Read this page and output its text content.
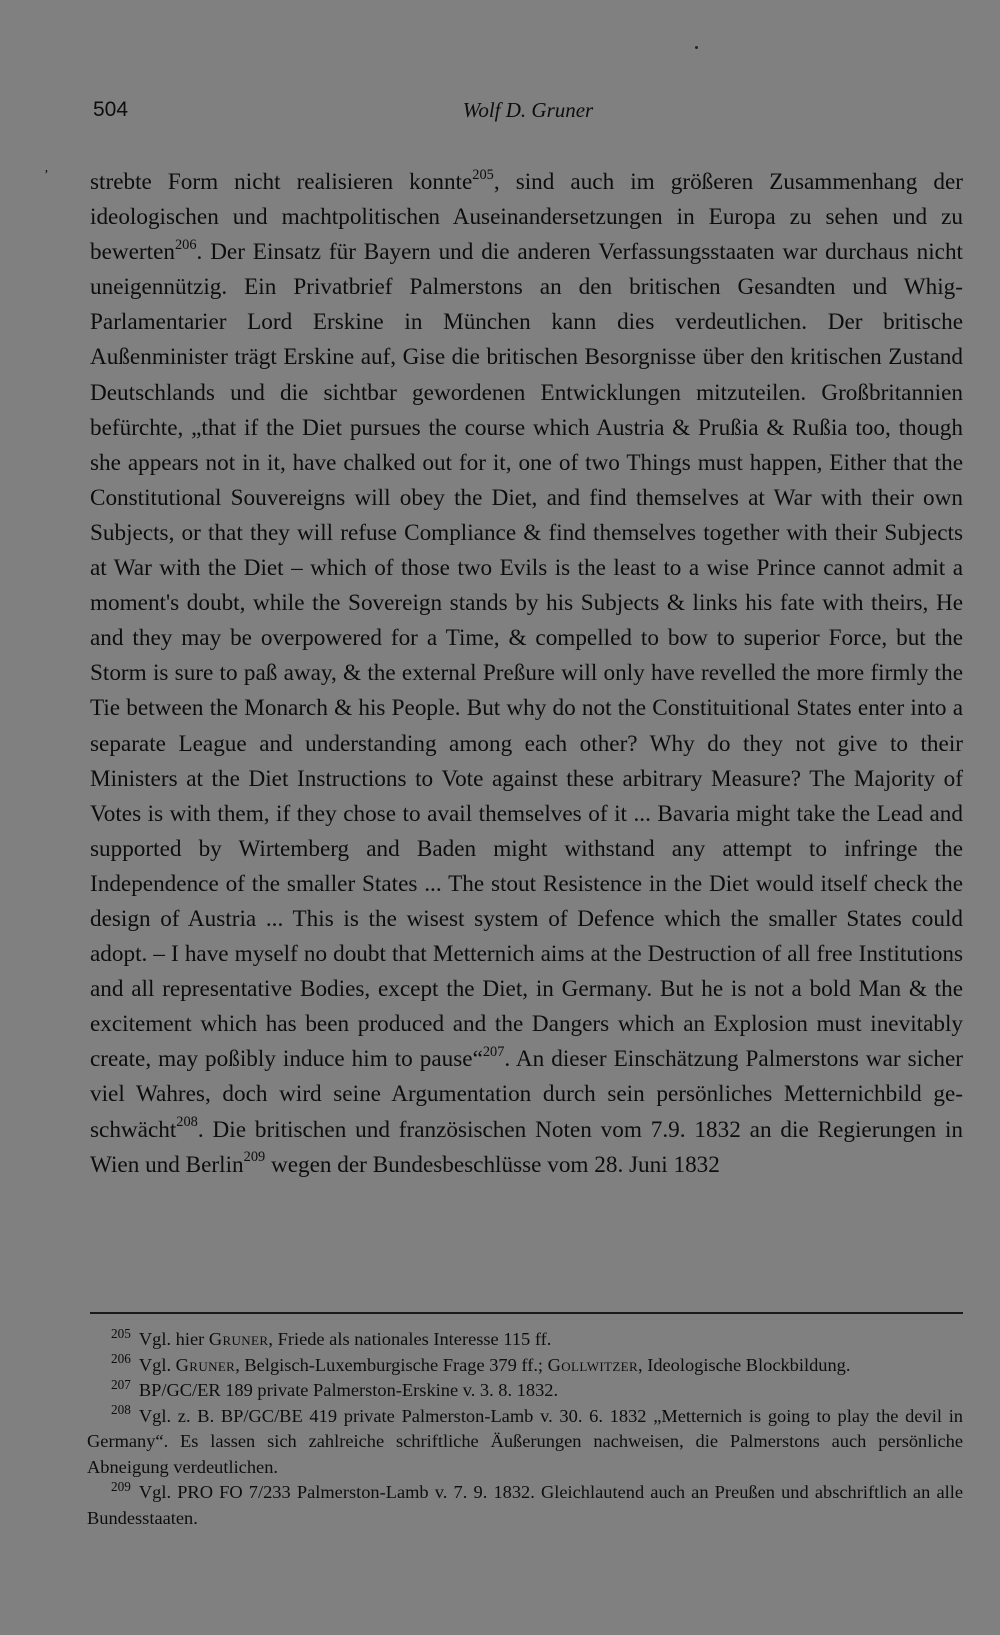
504	Wolf D. Gruner
ʼ strebte Form nicht realisieren konnte$^{205}$, sind auch im größeren Zusammenhang der ideologischen und machtpolitischen Auseinandersetzungen in Europa zu sehen und zu bewerten$^{206}$. Der Einsatz für Bayern und die anderen Verfassungsstaaten war durchaus nicht uneigennützig. Ein Privatbrief Palmerstons an den britischen Gesandten und Whig-Parlamentarier Lord Erskine in München kann dies verdeutlichen. Der britische Außenminister trägt Erskine auf, Gise die britischen Besorgnisse über den kritischen Zustand Deutschlands und die sichtbar gewordenen Entwicklungen mitzuteilen. Großbritannien befürchte, „that if the Diet pursues the course which Austria & Prußia & Rußia too, though she appears not in it, have chalked out for it, one of two Things must happen, Either that the Constitutional Souvereigns will obey the Diet, and find themselves at War with their own Subjects, or that they will refuse Compliance & find themselves together with their Subjects at War with the Diet – which of those two Evils is the least to a wise Prince cannot admit a moment's doubt, while the Sovereign stands by his Subjects & links his fate with theirs, He and they may be overpowered for a Time, & compelled to bow to superior Force, but the Storm is sure to paß away, & the external Preßure will only have revelled the more firmly the Tie between the Monarch & his People. But why do not the Constituitional States enter into a separate League and understanding among each other? Why do they not give to their Ministers at the Diet Instructions to Vote against these arbitrary Measure? The Majority of Votes is with them, if they chose to avail themselves of it ... Bavaria might take the Lead and supported by Wirtemberg and Baden might withstand any attempt to infringe the Independence of the smaller States ... The stout Resistence in the Diet would itself check the design of Austria ... This is the wisest system of Defence which the smaller States could adopt. – I have myself no doubt that Metternich aims at the Destruction of all free Institutions and all representative Bodies, except the Diet, in Germany. But he is not a bold Man & the excitement which has been produced and the Dangers which an Explosion must inevitably create, may poßibly induce him to pause“$^{207}$. An dieser Einschätzung Palmerstons war sicher viel Wahres, doch wird seine Argumentation durch sein persönliches Metternichbild geschwächt$^{208}$. Die britischen und französischen Noten vom 7.9. 1832 an die Regierungen in Wien und Berlin$^{209}$ wegen der Bundesbeschlüsse vom 28. Juni 1832

$^{205}$ Vgl. hier Gruner, Friede als nationales Interesse 115 ff.

$^{206}$ Vgl. Gruner, Belgisch-Luxemburgische Frage 379 ff.; Gollwitzer, Ideologische Blockbildung.

$^{207}$ BP/GC/ER 189 private Palmerston-Erskine v. 3. 8. 1832.

$^{208}$ Vgl. z. B. BP/GC/BE 419 private Palmerston-Lamb v. 30. 6. 1832 „Metternich is going to play the devil in Germany“. Es lassen sich zahlreiche schriftliche Äußerungen nachweisen, die Palmerstons auch persönliche Abneigung verdeutlichen.

$^{209}$ Vgl. PRO FO 7/233 Palmerston-Lamb v. 7. 9. 1832. Gleichlautend auch an Preußen und abschriftlich an alle Bundesstaaten.
